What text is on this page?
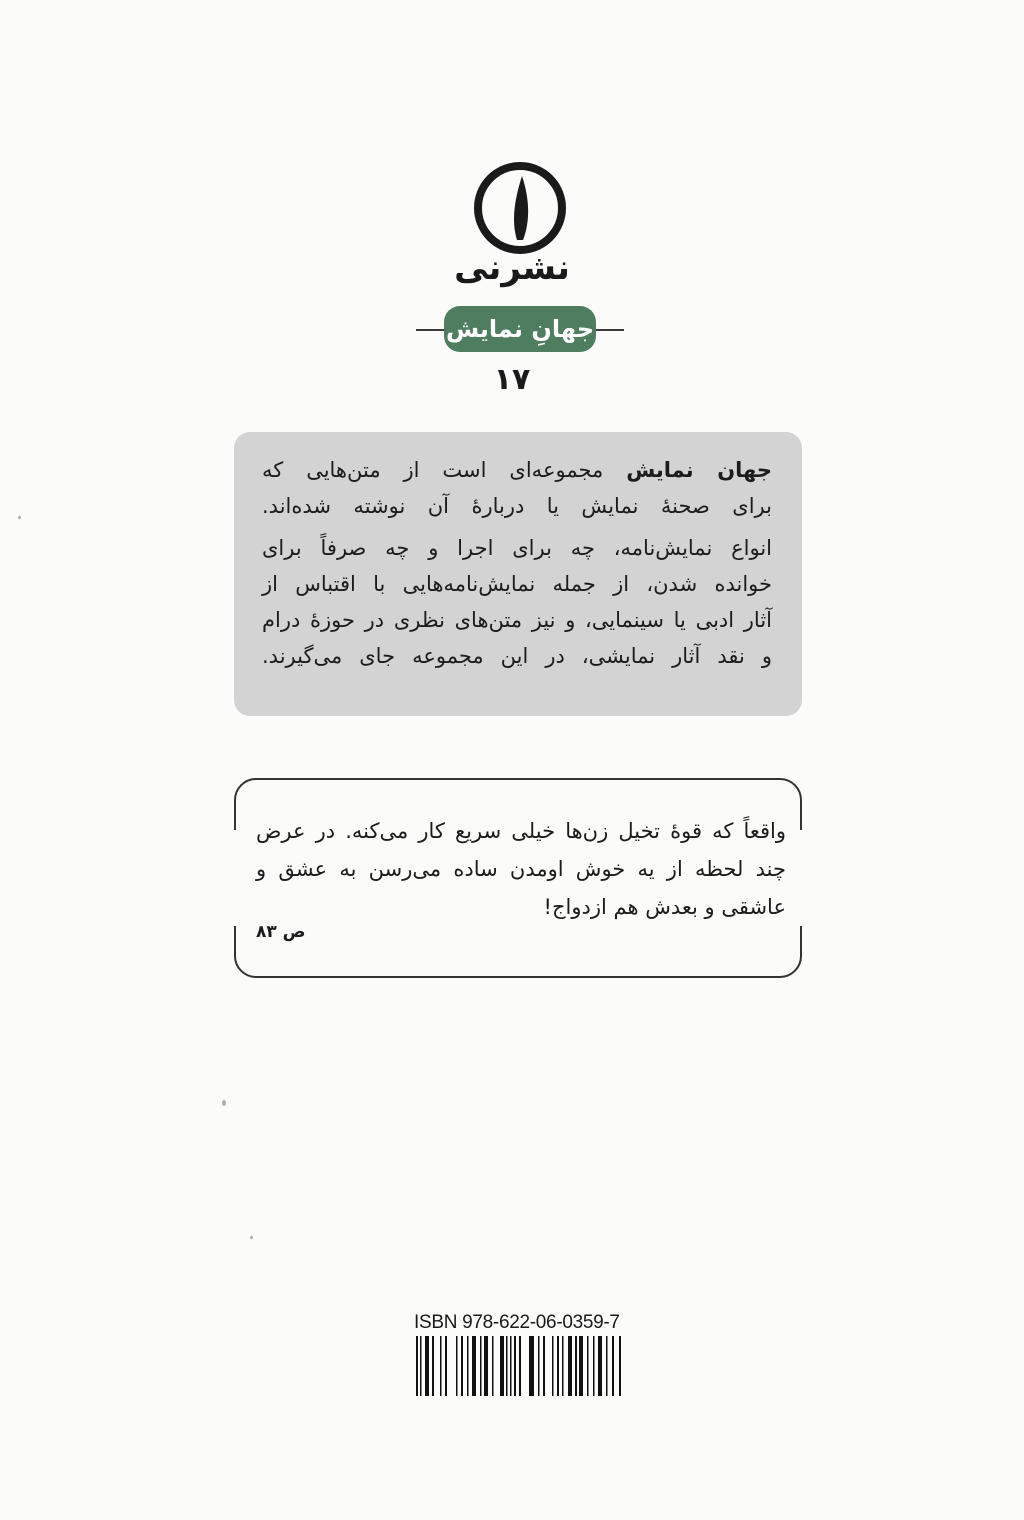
نشرنی
جهانِ نمایش
۱۷
جهان نمایش مجموعه‌ای است از متن‌هایی که
برای صحنهٔ نمایش یا دربارهٔ آن نوشته شده‌اند.
انواع نمایش‌نامه، چه برای اجرا و چه صرفاً برای
خوانده شدن، از جمله نمایش‌نامه‌هایی با اقتباس از
آثار ادبی یا سینمایی، و نیز متن‌های نظری در حوزهٔ درام
و نقد آثار نمایشی، در این مجموعه جای می‌گیرند.
واقعاً که قوهٔ تخیل زن‌ها خیلی سریع کار می‌کنه. در عرض
چند لحظه از یه خوش اومدن ساده می‌رسن به عشق و
عاشقی و بعدش هم ازدواج!
ص ۸۳
ISBN 978-622-06-0359-7
